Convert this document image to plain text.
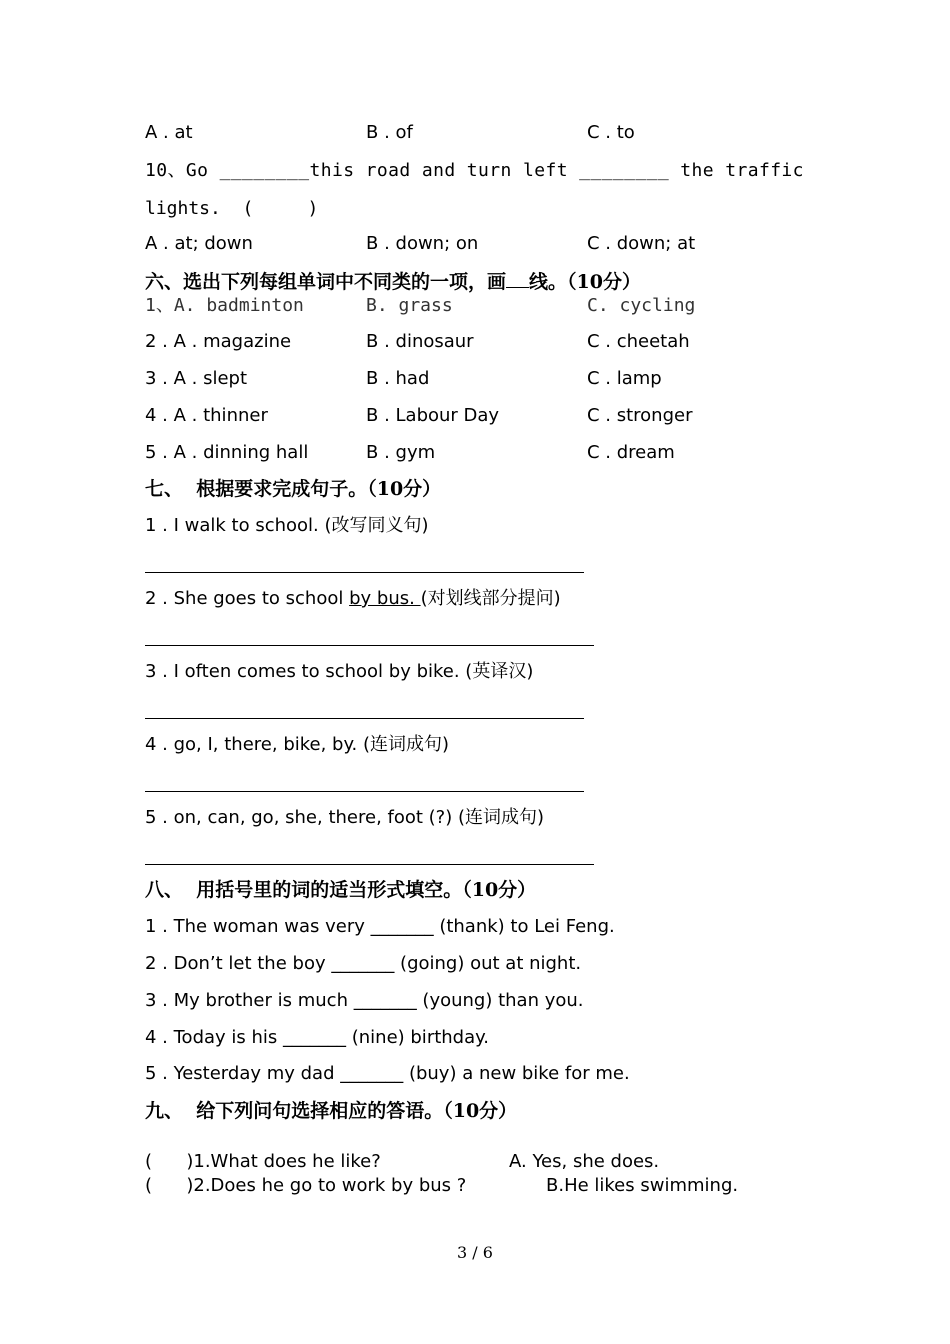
A . at	B . of	C . to
10、Go ________this road and turn left ________ the traffic
lights.  (     )
A . at; down	B . down; on	C . down; at
六、选出下列每组单词中不同类的一项，画 线。（10分）
1、A. badminton	B. grass	C. cycling
2 . A . magazine	B . dinosaur	C . cheetah
3 . A . slept	B . had	C . lamp
4 . A . thinner	B . Labour Day	C . stronger
5 . A . dinning hall	B . gym	C . dream
七、  根据要求完成句子。（10分）
1 . I walk to school. (改写同义句)
2 . She goes to school by bus. (对划线部分提问)
3 . I often comes to school by bike. (英译汉)
4 . go, I, there, bike, by. (连词成句)
5 . on, can, go, she, there, foot (?) (连词成句)
八、  用括号里的词的适当形式填空。（10分）
1 . The woman was very _______ (thank) to Lei Feng.
2 . Don’t let the boy _______ (going) out at night.
3 . My brother is much _______ (young) than you.
4 . Today is his _______ (nine) birthday.
5 . Yesterday my dad _______ (buy) a new bike for me.
九、  给下列问句选择相应的答语。（10分）
(      )1.What does he like?	A. Yes, she does.
(      )2.Does he go to work by bus ?	B.He likes swimming.
3 / 6
